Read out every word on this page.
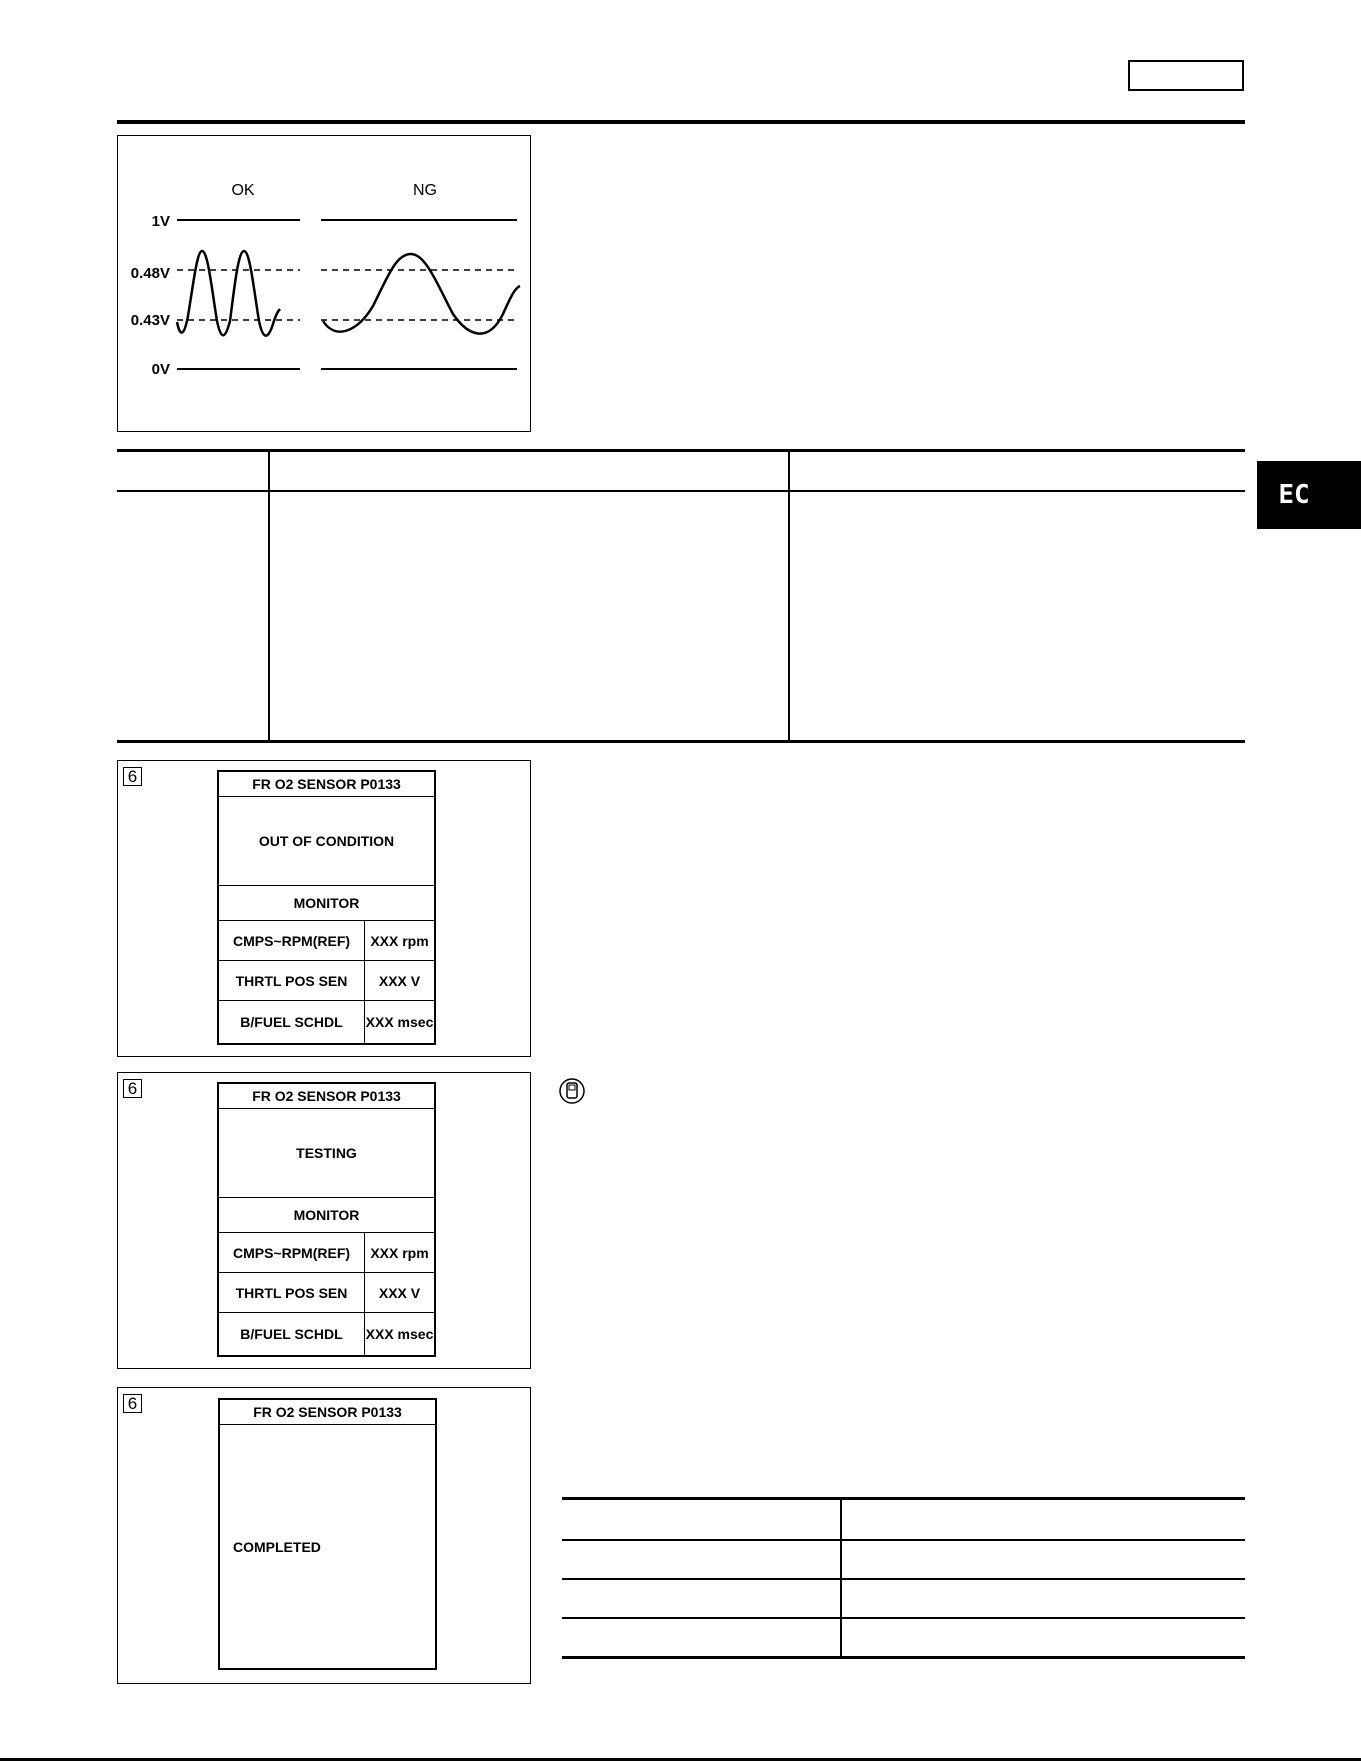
EC
OK	NG
1V
0.48V
0.43V
0V
6	FR O2 SENSOR P0133
OUT OF CONDITION
MONITOR
CMPS~RPM(REF)	XXX rpm
THRTL POS SEN	XXX V
B/FUEL SCHDL	XXX msec
6	FR O2 SENSOR P0133
TESTING
MONITOR
CMPS~RPM(REF)	XXX rpm
THRTL POS SEN	XXX V
B/FUEL SCHDL	XXX msec
6	FR O2 SENSOR P0133
COMPLETED
